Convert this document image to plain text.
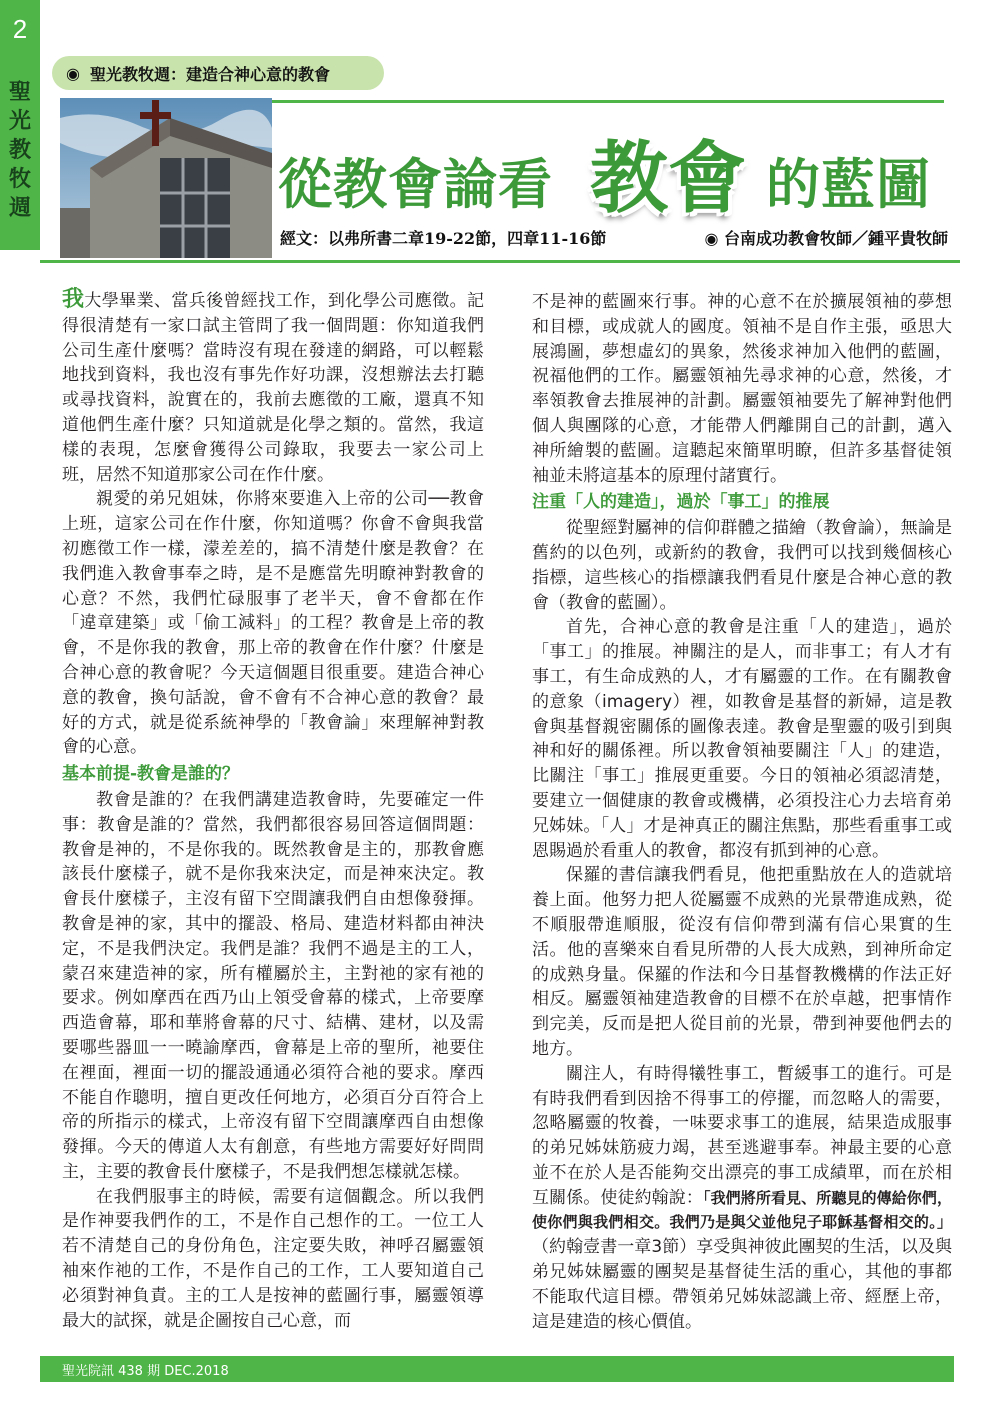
2
聖
光
教
牧
週
◉ 聖光教牧週：建造合神心意的教會
從教會論看 教會 的藍圖
經文：以弗所書二章19-22節，四章11-16節	◉ 台南成功教會牧師／鍾平貴牧師

我大學畢業、當兵後曾經找工作，到化學公司應徵。記得很清楚有一家口試主管問了我一個問題：你知道我們公司生產什麼嗎？當時沒有現在發達的網路，可以輕鬆地找到資料，我也沒有事先作好功課，沒想辦法去打聽或尋找資料，說實在的，我前去應徵的工廠，還真不知道他們生產什麼？只知道就是化學之類的。當然，我這樣的表現，怎麼會獲得公司錄取，我要去一家公司上班，居然不知道那家公司在作什麼。

親愛的弟兄姐妹，你將來要進入上帝的公司──教會上班，這家公司在作什麼，你知道嗎？你會不會與我當初應徵工作一樣，濛差差的，搞不清楚什麼是教會？在我們進入教會事奉之時，是不是應當先明瞭神對教會的心意？不然，我們忙碌服事了老半天，會不會都在作「違章建築」或「偷工減料」的工程？教會是上帝的教會，不是你我的教會，那上帝的教會在作什麼？什麼是合神心意的教會呢？今天這個題目很重要。建造合神心意的教會，換句話說，會不會有不合神心意的教會？最好的方式，就是從系統神學的「教會論」來理解神對教會的心意。

基本前提-教會是誰的？

教會是誰的？在我們講建造教會時，先要確定一件事：教會是誰的？當然，我們都很容易回答這個問題：教會是神的，不是你我的。既然教會是主的，那教會應該長什麼樣子，就不是你我來決定，而是神來決定。教會長什麼樣子，主沒有留下空間讓我們自由想像發揮。教會是神的家，其中的擺設、格局、建造材料都由神決定，不是我們決定。我們是誰？我們不過是主的工人，蒙召來建造神的家，所有權屬於主，主對祂的家有祂的要求。例如摩西在西乃山上領受會幕的樣式，上帝要摩西造會幕，耶和華將會幕的尺寸、結構、建材，以及需要哪些器皿一一曉諭摩西，會幕是上帝的聖所，祂要住在裡面，裡面一切的擺設通通必須符合祂的要求。摩西不能自作聰明，擅自更改任何地方，必須百分百符合上帝的所指示的樣式，上帝沒有留下空間讓摩西自由想像發揮。今天的傳道人太有創意，有些地方需要好好問問主，主要的教會長什麼樣子，不是我們想怎樣就怎樣。

在我們服事主的時候，需要有這個觀念。所以我們是作神要我們作的工，不是作自己想作的工。一位工人若不清楚自己的身份角色，注定要失敗，神呼召屬靈領袖來作祂的工作，不是作自己的工作，工人要知道自己必須對神負責。主的工人是按神的藍圖行事，屬靈領導最大的試探，就是企圖按自己心意，而

不是神的藍圖來行事。神的心意不在於擴展領袖的夢想和目標，或成就人的國度。領袖不是自作主張，亟思大展鴻圖，夢想虛幻的異象，然後求神加入他們的藍圖，祝福他們的工作。屬靈領袖先尋求神的心意，然後，才率領教會去推展神的計劃。屬靈領袖要先了解神對他們個人與團隊的心意，才能帶人們離開自己的計劃，邁入神所繪製的藍圖。這聽起來簡單明瞭，但許多基督徒領袖並未將這基本的原理付諸實行。

注重「人的建造」，過於「事工」的推展

從聖經對屬神的信仰群體之描繪（教會論），無論是舊約的以色列，或新約的教會，我們可以找到幾個核心指標，這些核心的指標讓我們看見什麼是合神心意的教會（教會的藍圖）。

首先，合神心意的教會是注重「人的建造」，過於「事工」的推展。神關注的是人，而非事工；有人才有事工，有生命成熟的人，才有屬靈的工作。在有關教會的意象（imagery）裡，如教會是基督的新婦，這是教會與基督親密關係的圖像表達。教會是聖靈的吸引到與神和好的關係裡。所以教會領袖要關注「人」的建造，比關注「事工」推展更重要。今日的領袖必須認清楚，要建立一個健康的教會或機構，必須投注心力去培育弟兄姊妹。「人」才是神真正的關注焦點，那些看重事工或恩賜過於看重人的教會，都沒有抓到神的心意。

保羅的書信讓我們看見，他把重點放在人的造就培養上面。他努力把人從屬靈不成熟的光景帶進成熟，從不順服帶進順服，從沒有信仰帶到滿有信心果實的生活。他的喜樂來自看見所帶的人長大成熟，到神所命定的成熟身量。保羅的作法和今日基督教機構的作法正好相反。屬靈領袖建造教會的目標不在於卓越，把事情作到完美，反而是把人從目前的光景，帶到神要他們去的地方。

關注人，有時得犧牲事工，暫緩事工的進行。可是有時我們看到因捨不得事工的停擺，而忽略人的需要，忽略屬靈的牧養，一味要求事工的進展，結果造成服事的弟兄姊妹筋疲力竭，甚至逃避事奉。神最主要的心意並不在於人是否能夠交出漂亮的事工成績單，而在於相互關係。使徒約翰說：「我們將所看見、所聽見的傳給你們，使你們與我們相交。我們乃是與父並他兒子耶穌基督相交的。」（約翰壹書一章3節）享受與神彼此團契的生活，以及與弟兄姊妹屬靈的團契是基督徒生活的重心，其他的事都不能取代這目標。帶領弟兄姊妹認識上帝、經歷上帝，這是建造的核心價值。

聖光院訊 438 期 DEC.2018
